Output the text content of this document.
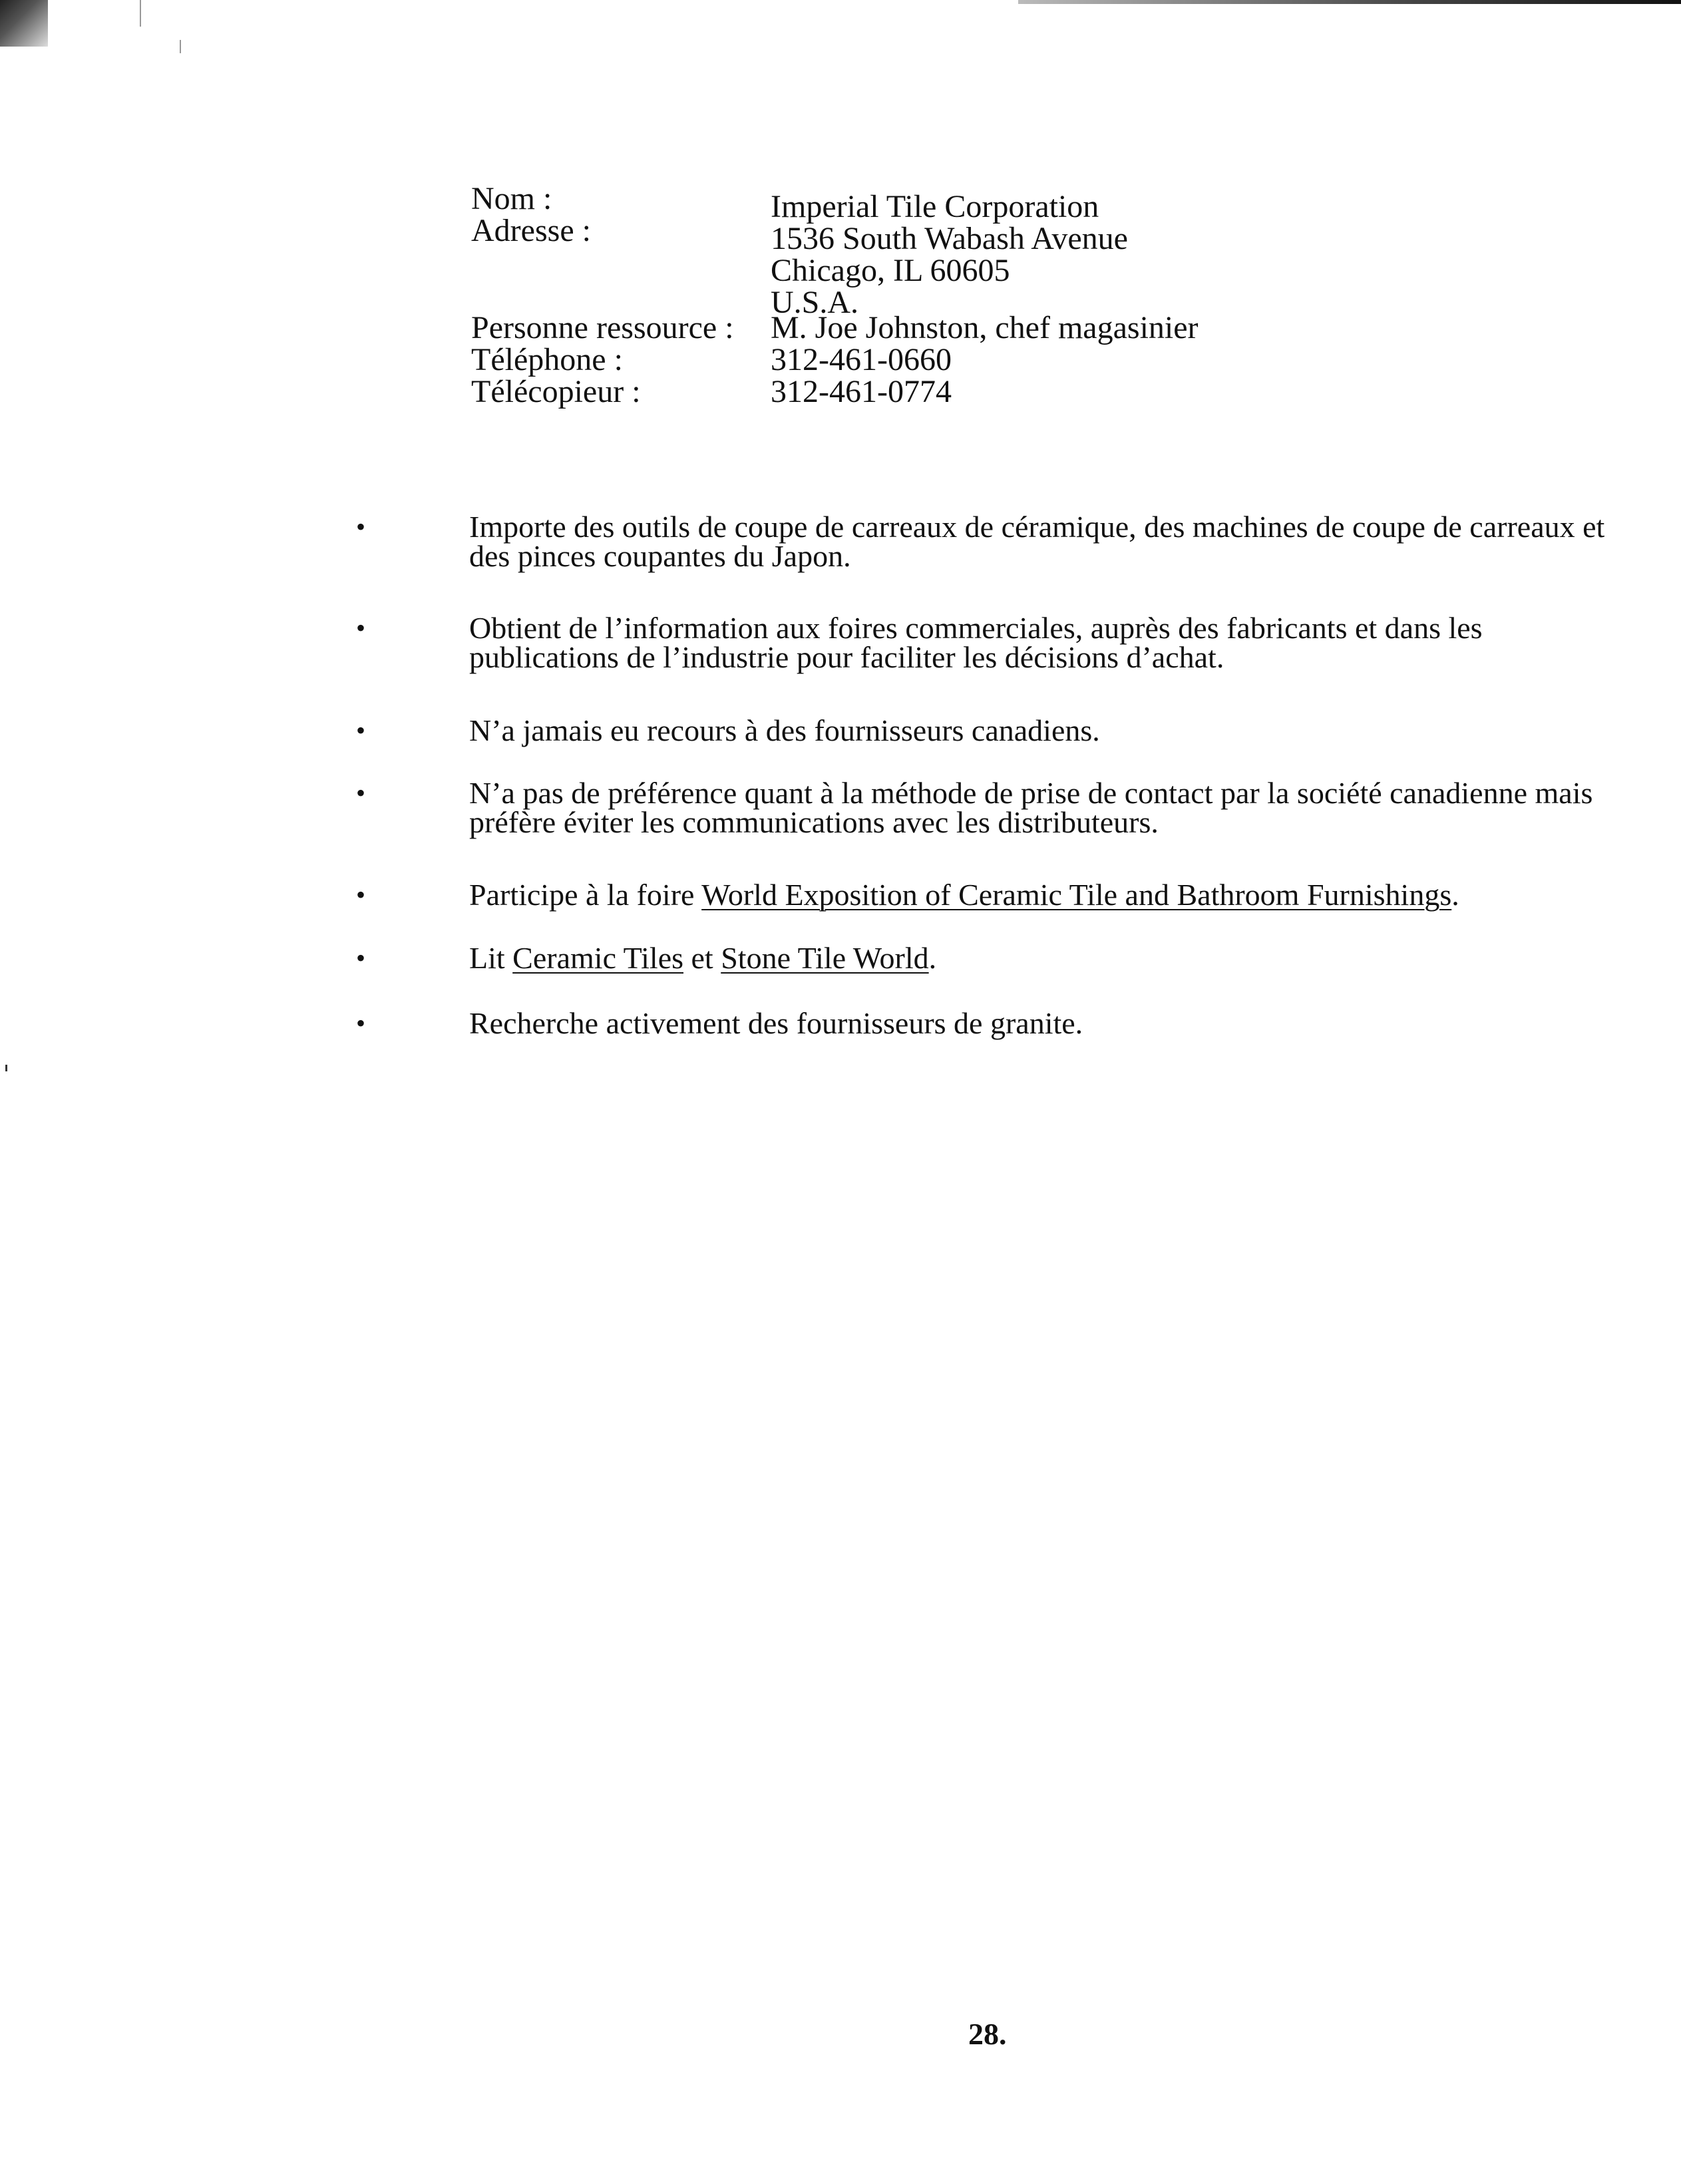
Nom :	Imperial Tile Corporation
Adresse :	1536 South Wabash Avenue
Chicago, IL 60605
U.S.A.
Personne ressource :	M. Joe Johnston, chef magasinier
Téléphone :	312-461-0660
Télécopieur :	312-461-0774
•	Importe des outils de coupe de carreaux de céramique, des machines de coupe de carreaux et des pinces coupantes du Japon.
•	Obtient de l’information aux foires commerciales, auprès des fabricants et dans les publications de l’industrie pour faciliter les décisions d’achat.
•	N’a jamais eu recours à des fournisseurs canadiens.
•	N’a pas de préférence quant à la méthode de prise de contact par la société canadienne mais préfère éviter les communications avec les distributeurs.
•	Participe à la foire World Exposition of Ceramic Tile and Bathroom Furnishings.
•	Lit Ceramic Tiles et Stone Tile World.
•	Recherche activement des fournisseurs de granite.
28.
